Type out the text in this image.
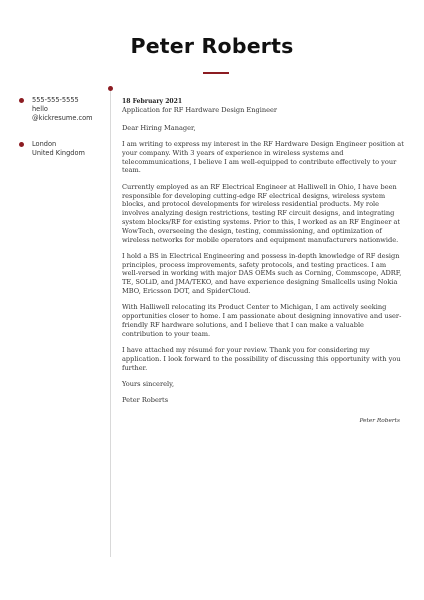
Peter Roberts
555-555-5555
hello
@kickresume.com
London
United Kingdom
18 February 2021

Application for RF Hardware Design Engineer

Dear Hiring Manager,

I am writing to express my interest in the RF Hardware Design Engineer position at your company. With 3 years of experience in wireless systems and telecommunications, I believe I am well-equipped to contribute effectively to your team.

Currently employed as an RF Electrical Engineer at Halliwell in Ohio, I have been responsible for developing cutting-edge RF electrical designs, wireless system blocks, and protocol developments for wireless residential products. My role involves analyzing design restrictions, testing RF circuit designs, and integrating system blocks/RF for existing systems. Prior to this, I worked as an RF Engineer at WowTech, overseeing the design, testing, commissioning, and optimization of wireless networks for mobile operators and equipment manufacturers nationwide.

I hold a BS in Electrical Engineering and possess in-depth knowledge of RF design principles, process improvements, safety protocols, and testing practices. I am well-versed in working with major DAS OEMs such as Corning, Commscope, ADRF, TE, SOLiD, and JMA/TEKO, and have experience designing Smallcells using Nokia MBO, Ericsson DOT, and SpiderCloud.

With Halliwell relocating its Product Center to Michigan, I am actively seeking opportunities closer to home. I am passionate about designing innovative and user-friendly RF hardware solutions, and I believe that I can make a valuable contribution to your team.

I have attached my résumé for your review. Thank you for considering my application. I look forward to the possibility of discussing this opportunity with you further.

Yours sincerely,

Peter Roberts

Peter Roberts
